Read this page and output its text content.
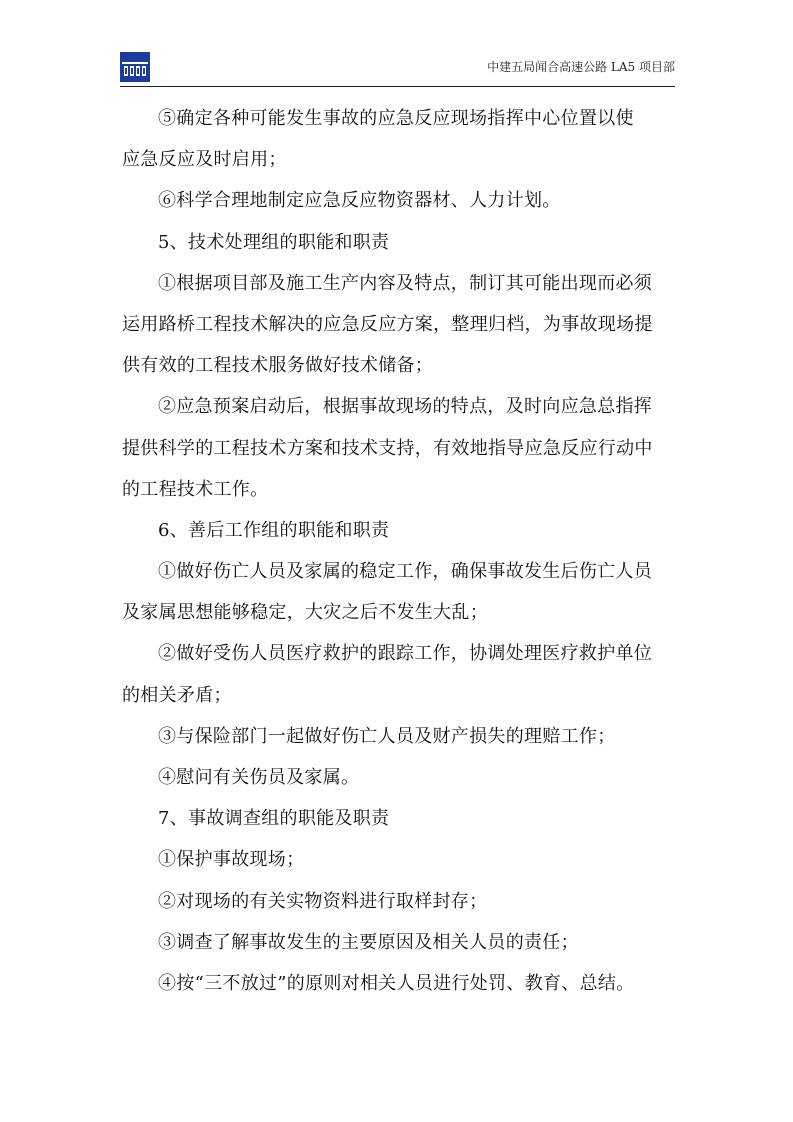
中建五局闻合高速公路 LA5 项目部
⑤确定各种可能发生事故的应急反应现场指挥中心位置以使
应急反应及时启用；
⑥科学合理地制定应急反应物资器材、人力计划。
5、技术处理组的职能和职责
①根据项目部及施工生产内容及特点，制订其可能出现而必须
运用路桥工程技术解决的应急反应方案，整理归档，为事故现场提
供有效的工程技术服务做好技术储备；
②应急预案启动后，根据事故现场的特点，及时向应急总指挥
提供科学的工程技术方案和技术支持，有效地指导应急反应行动中
的工程技术工作。
6、善后工作组的职能和职责
①做好伤亡人员及家属的稳定工作，确保事故发生后伤亡人员
及家属思想能够稳定，大灾之后不发生大乱；
②做好受伤人员医疗救护的跟踪工作，协调处理医疗救护单位
的相关矛盾；
③与保险部门一起做好伤亡人员及财产损失的理赔工作；
④慰问有关伤员及家属。
7、事故调查组的职能及职责
①保护事故现场；
②对现场的有关实物资料进行取样封存；
③调查了解事故发生的主要原因及相关人员的责任；
④按“三不放过”的原则对相关人员进行处罚、教育、总结。
